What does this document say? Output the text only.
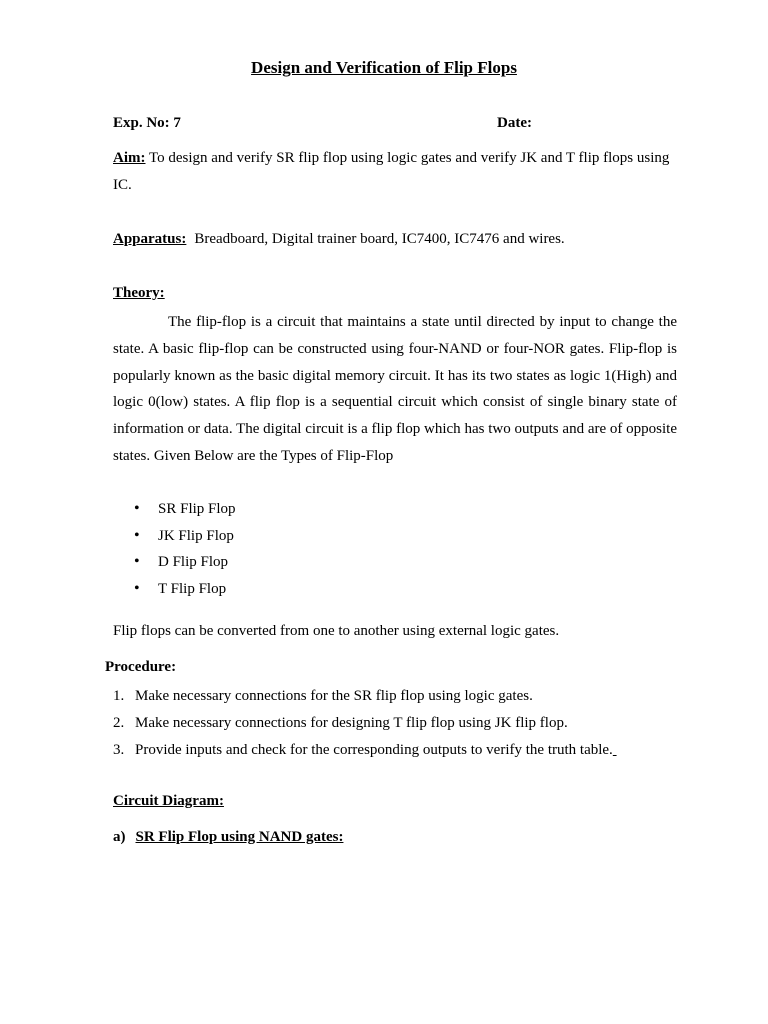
Design and Verification of Flip Flops
Exp. No: 7	Date:
Aim: To design and verify SR flip flop using logic gates and verify JK and T flip flops using
IC.
Apparatus: Breadboard, Digital trainer board, IC7400, IC7476 and wires.
Theory:
The flip-flop is a circuit that maintains a state until directed by input to change the state. A basic flip-flop can be constructed using four-NAND or four-NOR gates. Flip-flop is popularly known as the basic digital memory circuit. It has its two states as logic 1(High) and logic 0(low) states. A flip flop is a sequential circuit which consist of single binary state of information or data. The digital circuit is a flip flop which has two outputs and are of opposite states. Given Below are the Types of Flip-Flop
• SR Flip Flop
• JK Flip Flop
• D Flip Flop
• T Flip Flop
Flip flops can be converted from one to another using external logic gates.
Procedure:
1. Make necessary connections for the SR flip flop using logic gates.
2. Make necessary connections for designing T flip flop using JK flip flop.
3. Provide inputs and check for the corresponding outputs to verify the truth table.
Circuit Diagram:
a) SR Flip Flop using NAND gates:
